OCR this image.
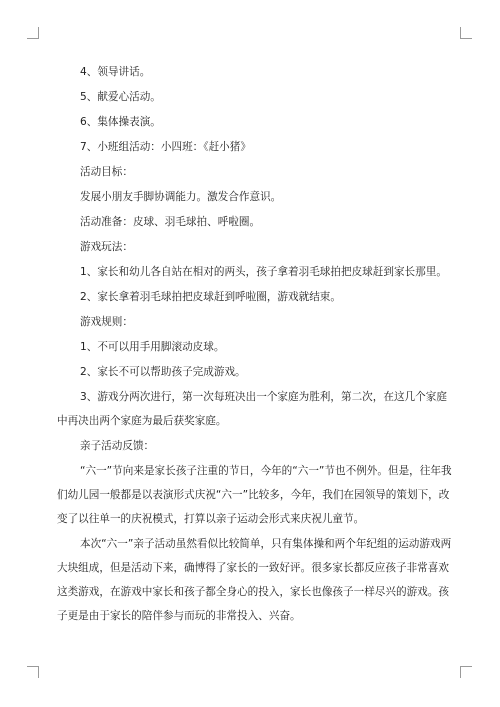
4、领导讲话。

5、献爱心活动。

6、集体操表演。

7、小班组活动：小四班：《赶小猪》

活动目标：

发展小朋友手脚协调能力。激发合作意识。

活动准备：皮球、羽毛球拍、呼啦圈。

游戏玩法：

1、家长和幼儿各自站在相对的两头，孩子拿着羽毛球拍把皮球赶到家长那里。

2、家长拿着羽毛球拍把皮球赶到呼啦圈，游戏就结束。

游戏规则：

1、不可以用手用脚滚动皮球。

2、家长不可以帮助孩子完成游戏。

3、游戏分两次进行，第一次每班决出一个家庭为胜利，第二次，在这几个家庭

中再决出两个家庭为最后获奖家庭。

亲子活动反馈：

“六一”节向来是家长孩子注重的节日，今年的“六一”节也不例外。但是，往年我

们幼儿园一般都是以表演形式庆祝“六一”比较多，今年，我们在园领导的策划下，改

变了以往单一的庆祝模式，打算以亲子运动会形式来庆祝儿童节。

本次“六一”亲子活动虽然看似比较简单，只有集体操和两个年纪组的运动游戏两

大块组成，但是活动下来，确博得了家长的一致好评。很多家长都反应孩子非常喜欢

这类游戏，在游戏中家长和孩子都全身心的投入，家长也像孩子一样尽兴的游戏。孩

子更是由于家长的陪伴参与而玩的非常投入、兴奋。
